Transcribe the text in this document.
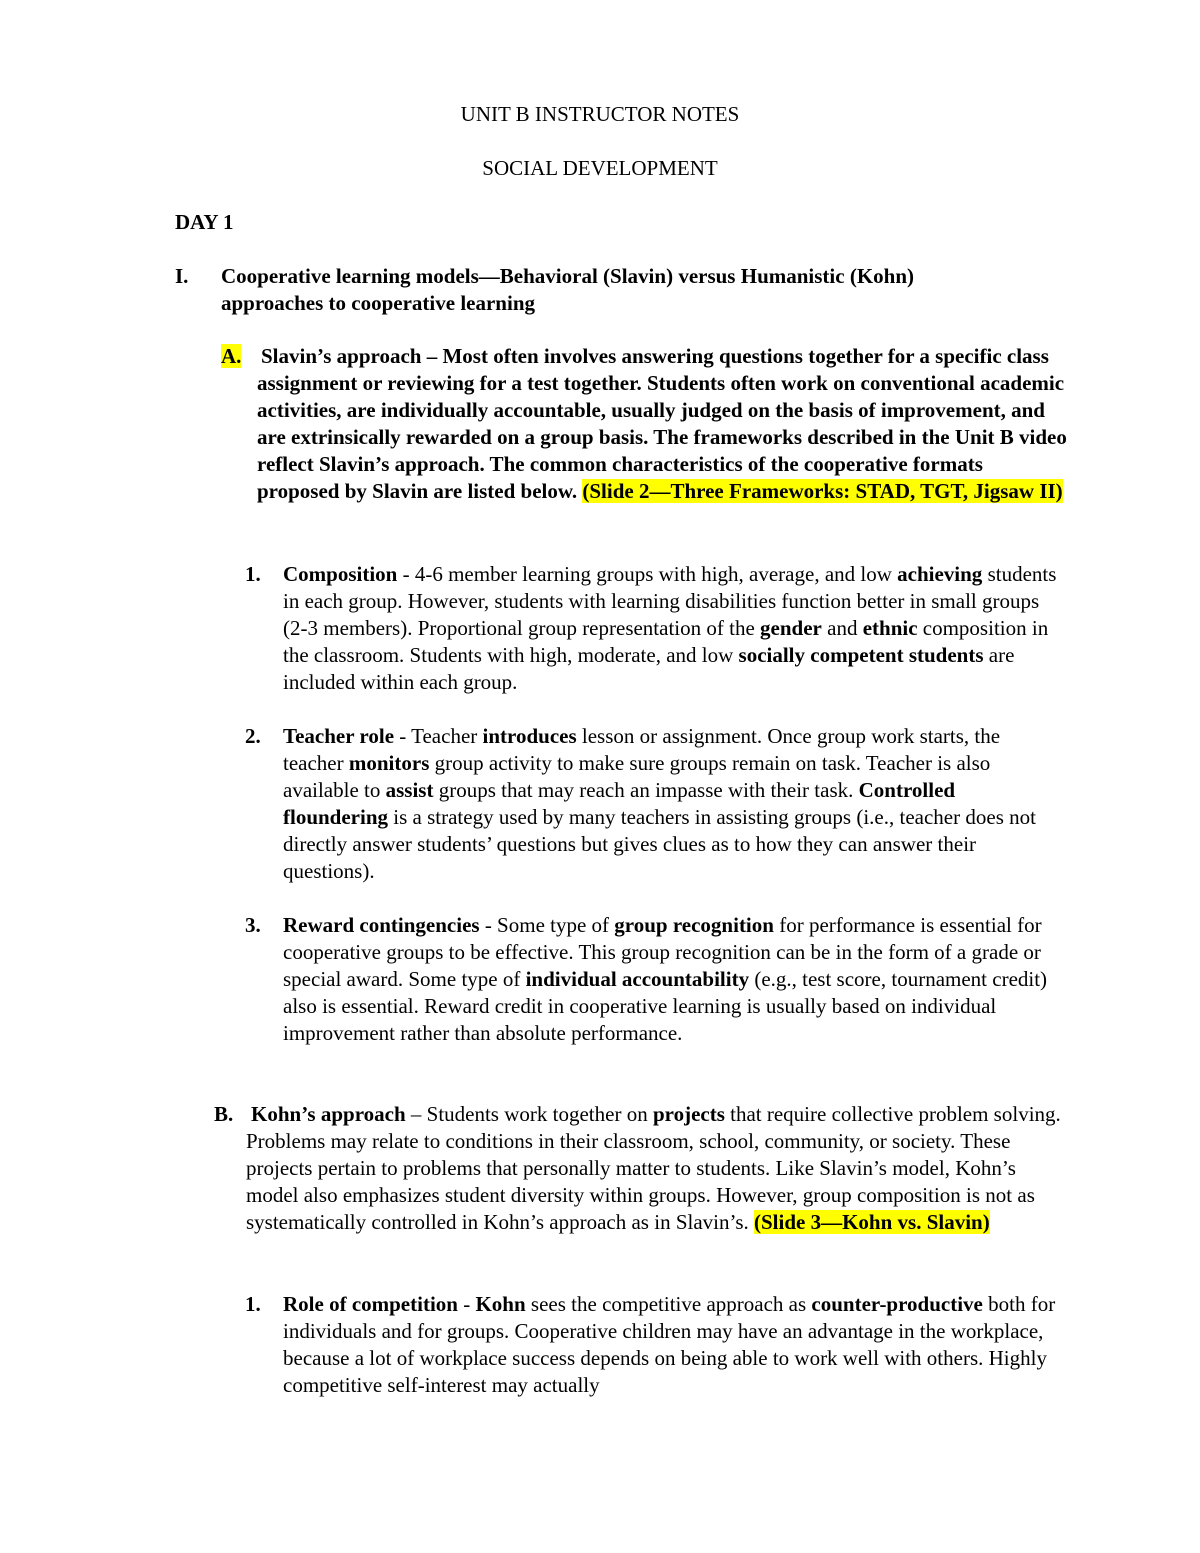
UNIT B INSTRUCTOR NOTES
SOCIAL DEVELOPMENT
DAY 1
I. Cooperative learning models—Behavioral (Slavin) versus Humanistic (Kohn)
approaches to cooperative learning
A. Slavin’s approach – Most often involves answering questions together for a specific class assignment or reviewing for a test together. Students often work on conventional academic activities, are individually accountable, usually judged on the basis of improvement, and are extrinsically rewarded on a group basis. The frameworks described in the Unit B video reflect Slavin’s approach. The common characteristics of the cooperative formats proposed by Slavin are listed below. (Slide 2—Three Frameworks: STAD, TGT, Jigsaw II)
1. Composition - 4-6 member learning groups with high, average, and low achieving students in each group. However, students with learning disabilities function better in small groups (2-3 members). Proportional group representation of the gender and ethnic composition in the classroom. Students with high, moderate, and low socially competent students are included within each group.
2. Teacher role - Teacher introduces lesson or assignment. Once group work starts, the teacher monitors group activity to make sure groups remain on task. Teacher is also available to assist groups that may reach an impasse with their task. Controlled floundering is a strategy used by many teachers in assisting groups (i.e., teacher does not directly answer students’ questions but gives clues as to how they can answer their questions).
3. Reward contingencies - Some type of group recognition for performance is essential for cooperative groups to be effective. This group recognition can be in the form of a grade or special award. Some type of individual accountability (e.g., test score, tournament credit) also is essential. Reward credit in cooperative learning is usually based on individual improvement rather than absolute performance.
B. Kohn’s approach – Students work together on projects that require collective problem solving. Problems may relate to conditions in their classroom, school, community, or society. These projects pertain to problems that personally matter to students. Like Slavin’s model, Kohn’s model also emphasizes student diversity within groups. However, group composition is not as systematically controlled in Kohn’s approach as in Slavin’s. (Slide 3—Kohn vs. Slavin)
1. Role of competition - Kohn sees the competitive approach as counter-productive both for individuals and for groups. Cooperative children may have an advantage in the workplace, because a lot of workplace success depends on being able to work well with others. Highly competitive self-interest may actually
